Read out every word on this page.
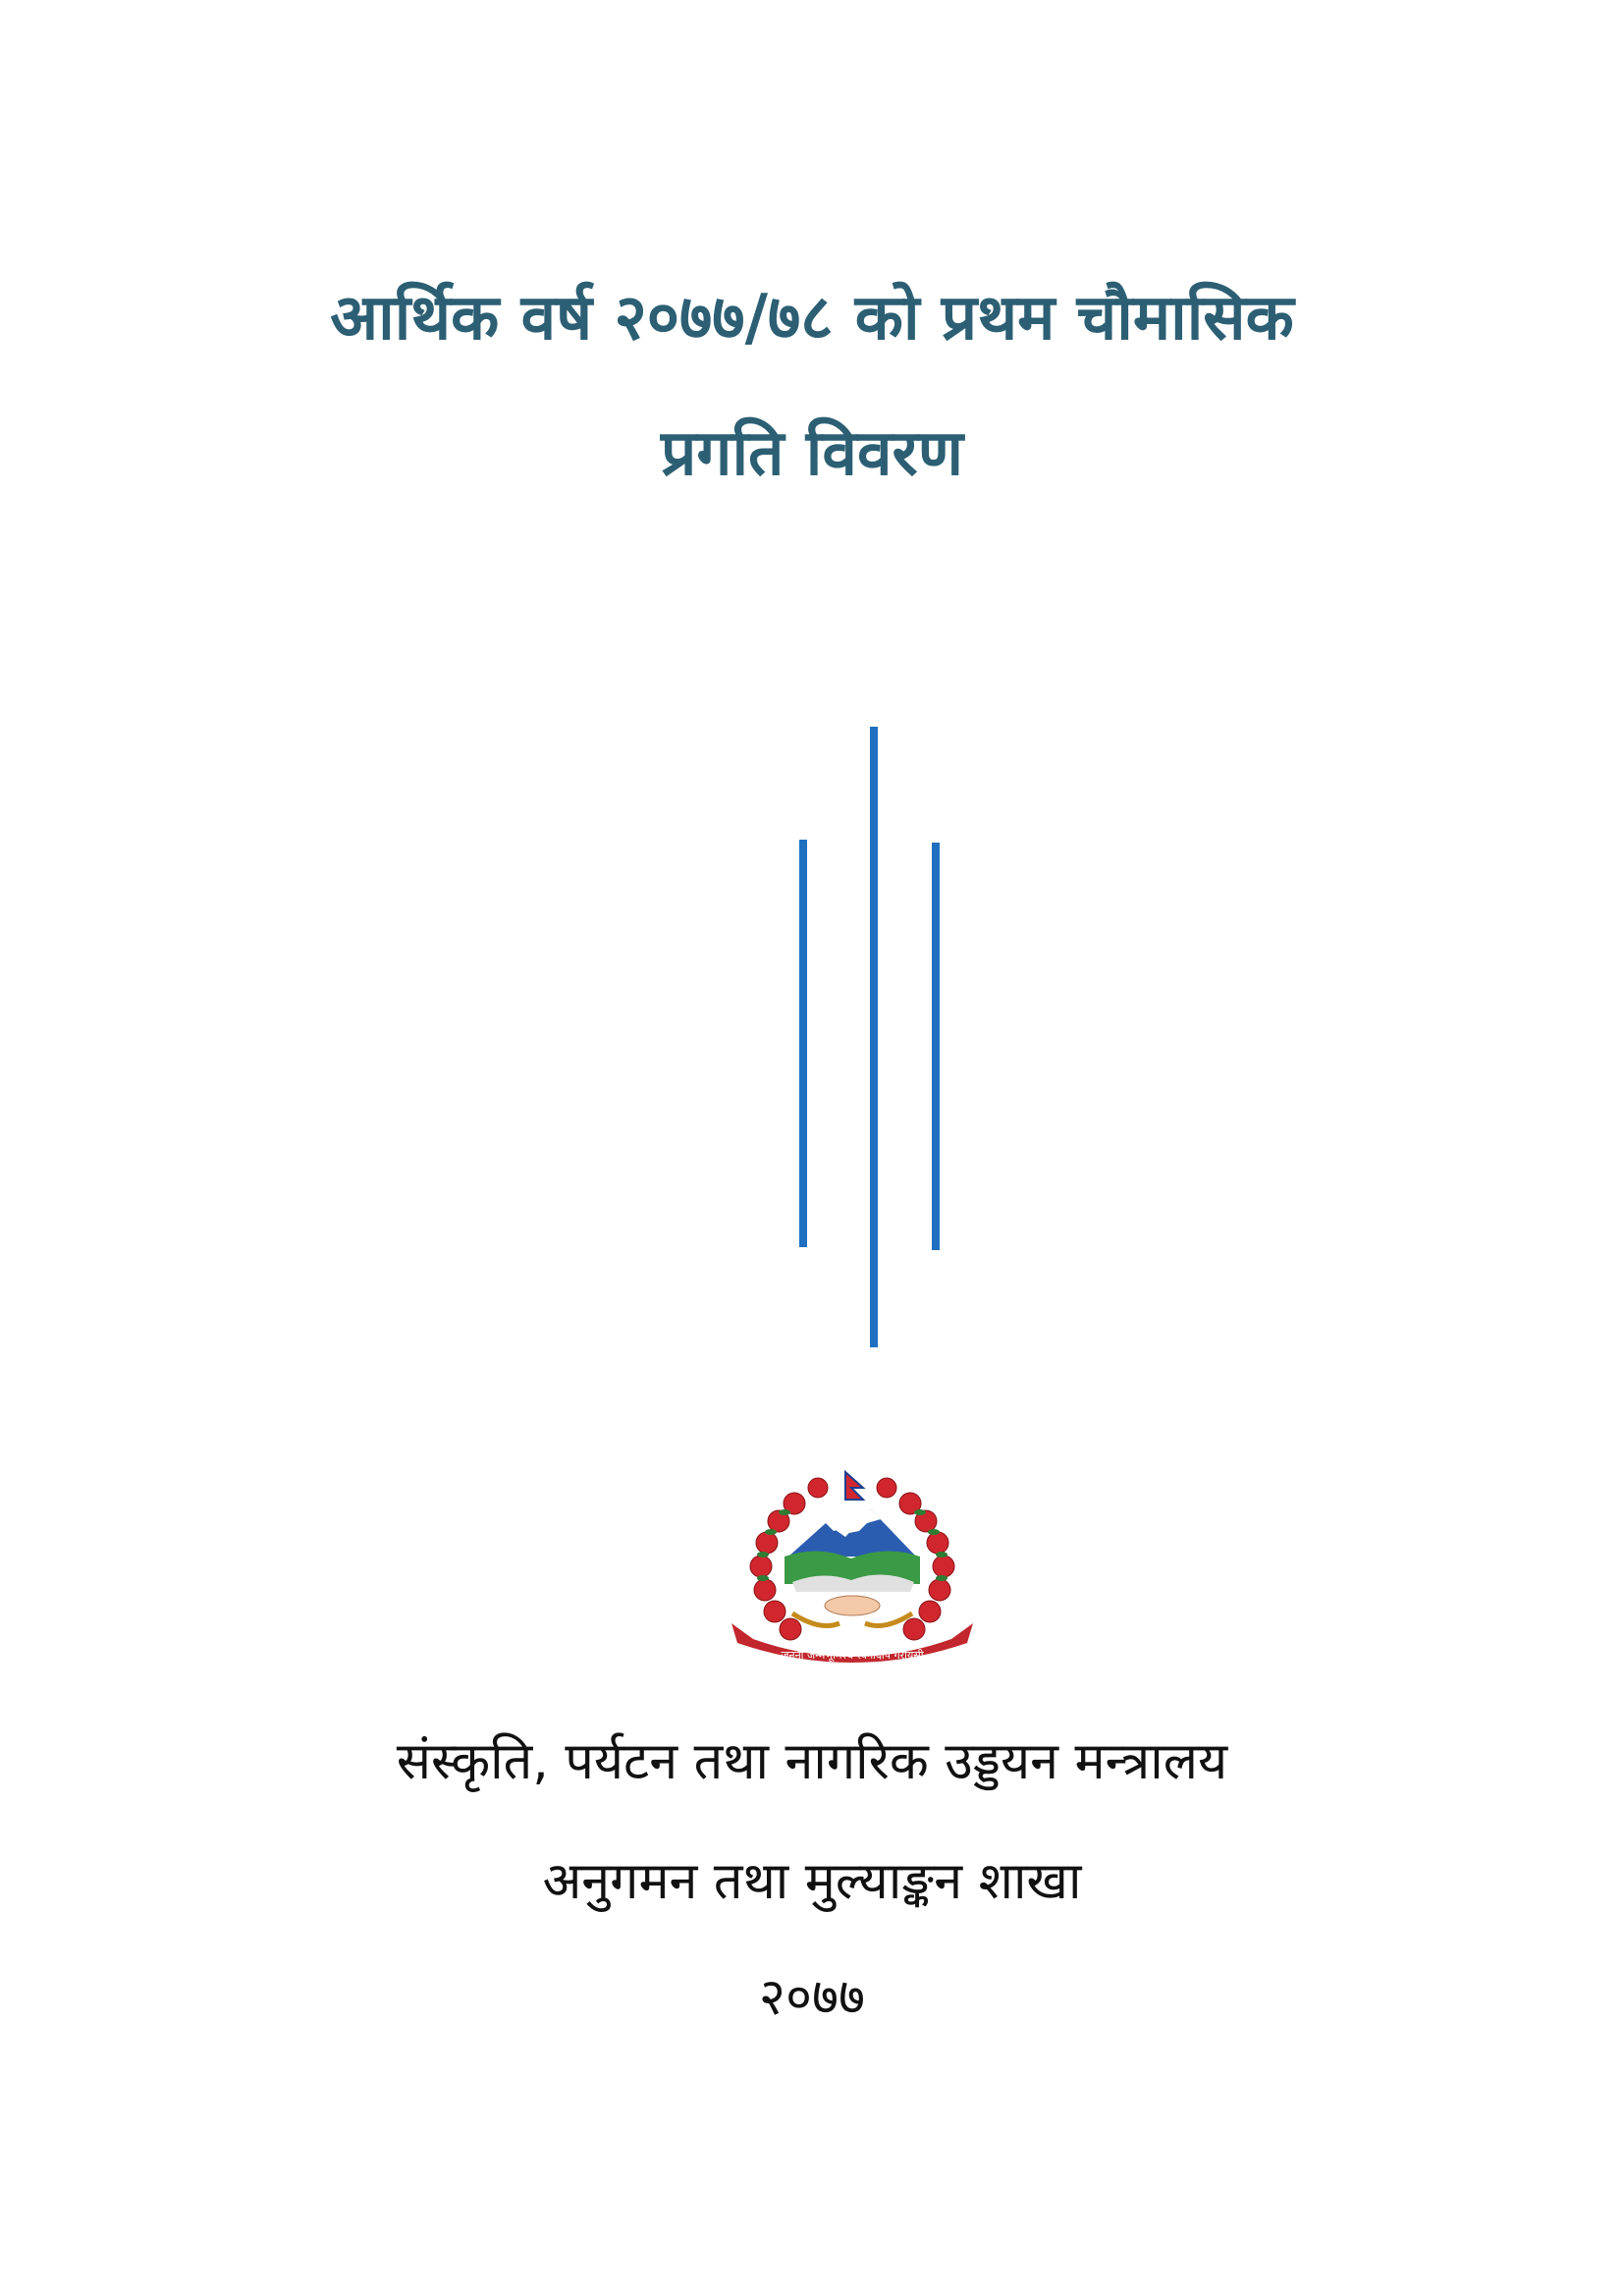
आर्थिक वर्ष २०७७/७८ को प्रथम चौमासिक
प्रगति विवरण
जननी जन्मभूमिश्च स्वर्गादपि गरीयसी
संस्कृति, पर्यटन तथा नागरिक उड्डयन मन्त्रालय
अनुगमन तथा मुल्याङ्कन शाखा
२०७७
